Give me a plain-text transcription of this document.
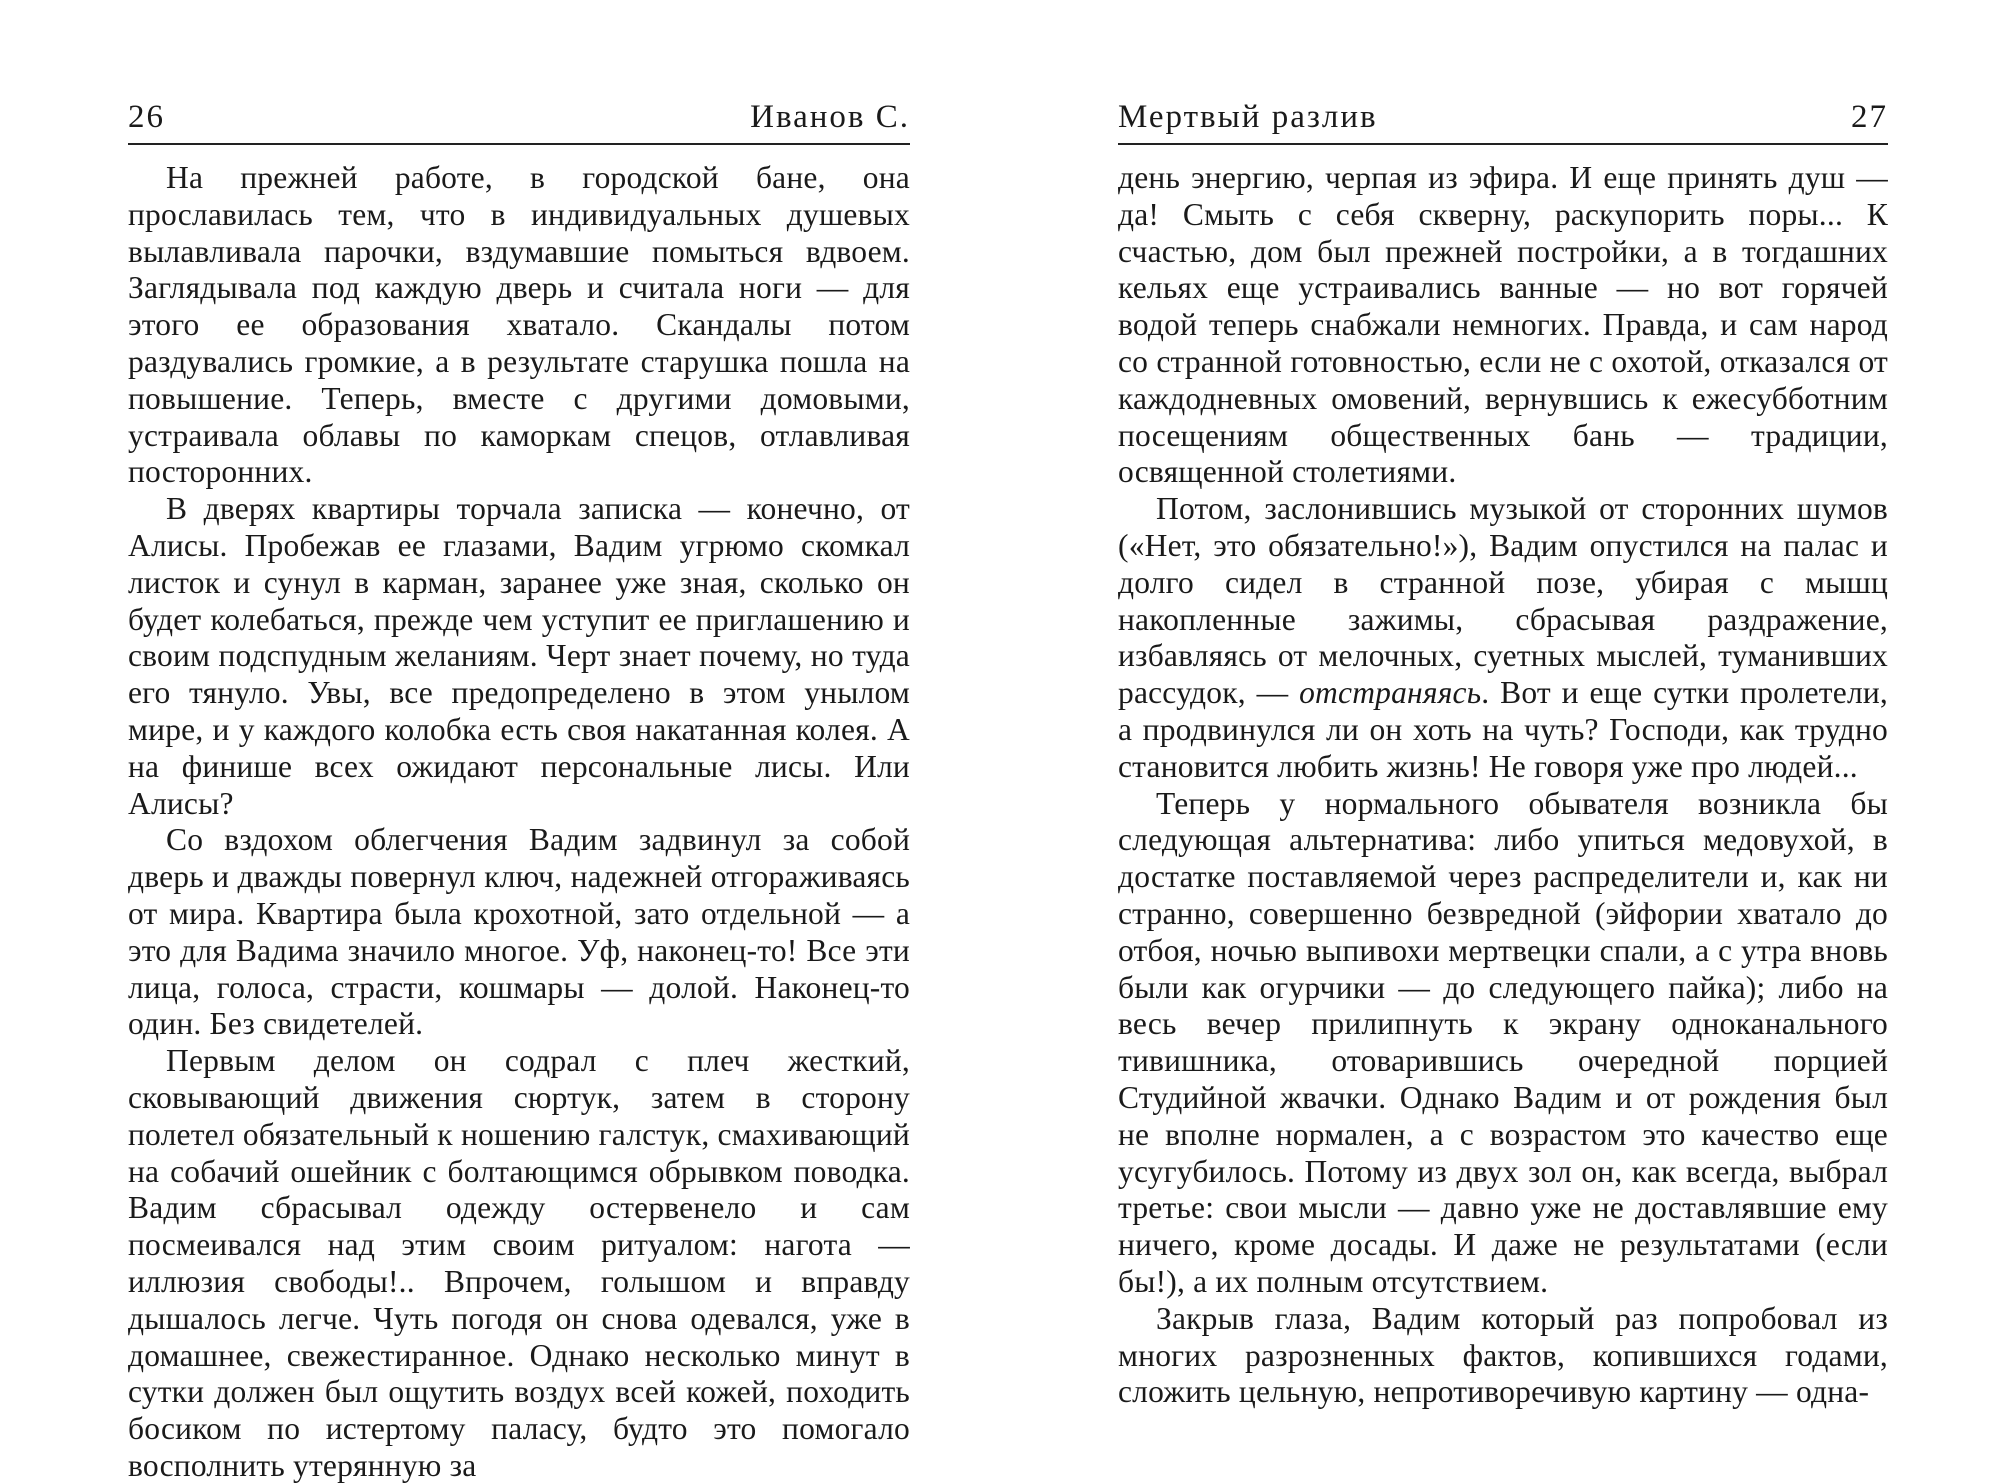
26	Иванов С.

На прежней работе, в городской бане, она прославилась тем, что в индивидуальных душевых вылавливала парочки, вздумавшие помыться вдвоем. Заглядывала под каждую дверь и считала ноги — для этого ее образования хватало. Скандалы потом раздувались громкие, а в результате старушка пошла на повышение. Теперь, вместе с другими домовыми, устраивала облавы по каморкам спецов, отлавливая посторонних.

В дверях квартиры торчала записка — конечно, от Алисы. Пробежав ее глазами, Вадим угрюмо скомкал листок и сунул в карман, заранее уже зная, сколько он будет колебаться, прежде чем уступит ее приглашению и своим подспудным желаниям. Черт знает почему, но туда его тянуло. Увы, все предопределено в этом унылом мире, и у каждого колобка есть своя накатанная колея. А на финише всех ожидают персональные лисы. Или Алисы?

Со вздохом облегчения Вадим задвинул за собой дверь и дважды повернул ключ, надежней отгораживаясь от мира. Квартира была крохотной, зато отдельной — а это для Вадима значило многое. Уф, наконец-то! Все эти лица, голоса, страсти, кошмары — долой. Наконец-то один. Без свидетелей.

Первым делом он содрал с плеч жесткий, сковывающий движения сюртук, затем в сторону полетел обязательный к ношению галстук, смахивающий на собачий ошейник с болтающимся обрывком поводка. Вадим сбрасывал одежду остервенело и сам посмеивался над этим своим ритуалом: нагота — иллюзия свободы!.. Впрочем, голышом и вправду дышалось легче. Чуть погодя он снова одевался, уже в домашнее, свежестиранное. Однако несколько минут в сутки должен был ощутить воздух всей кожей, походить босиком по истертому паласу, будто это помогало восполнить утерянную за

Мертвый разлив	27

день энергию, черпая из эфира. И еще принять душ — да! Смыть с себя скверну, раскупорить поры... К счастью, дом был прежней постройки, а в тогдашних кельях еще устраивались ванные — но вот горячей водой теперь снабжали немногих. Правда, и сам народ со странной готовностью, если не с охотой, отказался от каждодневных омовений, вернувшись к ежесубботним посещениям общественных бань — традиции, освященной столетиями.

Потом, заслонившись музыкой от сторонних шумов («Нет, это обязательно!»), Вадим опустился на палас и долго сидел в странной позе, убирая с мышц накопленные зажимы, сбрасывая раздражение, избавляясь от мелочных, суетных мыслей, туманивших рассудок, — отстраняясь. Вот и еще сутки пролетели, а продвинулся ли он хоть на чуть? Господи, как трудно становится любить жизнь! Не говоря уже про людей...

Теперь у нормального обывателя возникла бы следующая альтернатива: либо упиться медовухой, в достатке поставляемой через распределители и, как ни странно, совершенно безвредной (эйфории хватало до отбоя, ночью выпивохи мертвецки спали, а с утра вновь были как огурчики — до следующего пайка); либо на весь вечер прилипнуть к экрану одноканального тивишника, отоварившись очередной порцией Студийной жвачки. Однако Вадим и от рождения был не вполне нормален, а с возрастом это качество еще усугубилось. Потому из двух зол он, как всегда, выбрал третье: свои мысли — давно уже не доставлявшие ему ничего, кроме досады. И даже не результатами (если бы!), а их полным отсутствием.

Закрыв глаза, Вадим который раз попробовал из многих разрозненных фактов, копившихся годами, сложить цельную, непротиворечивую картину — одна-
